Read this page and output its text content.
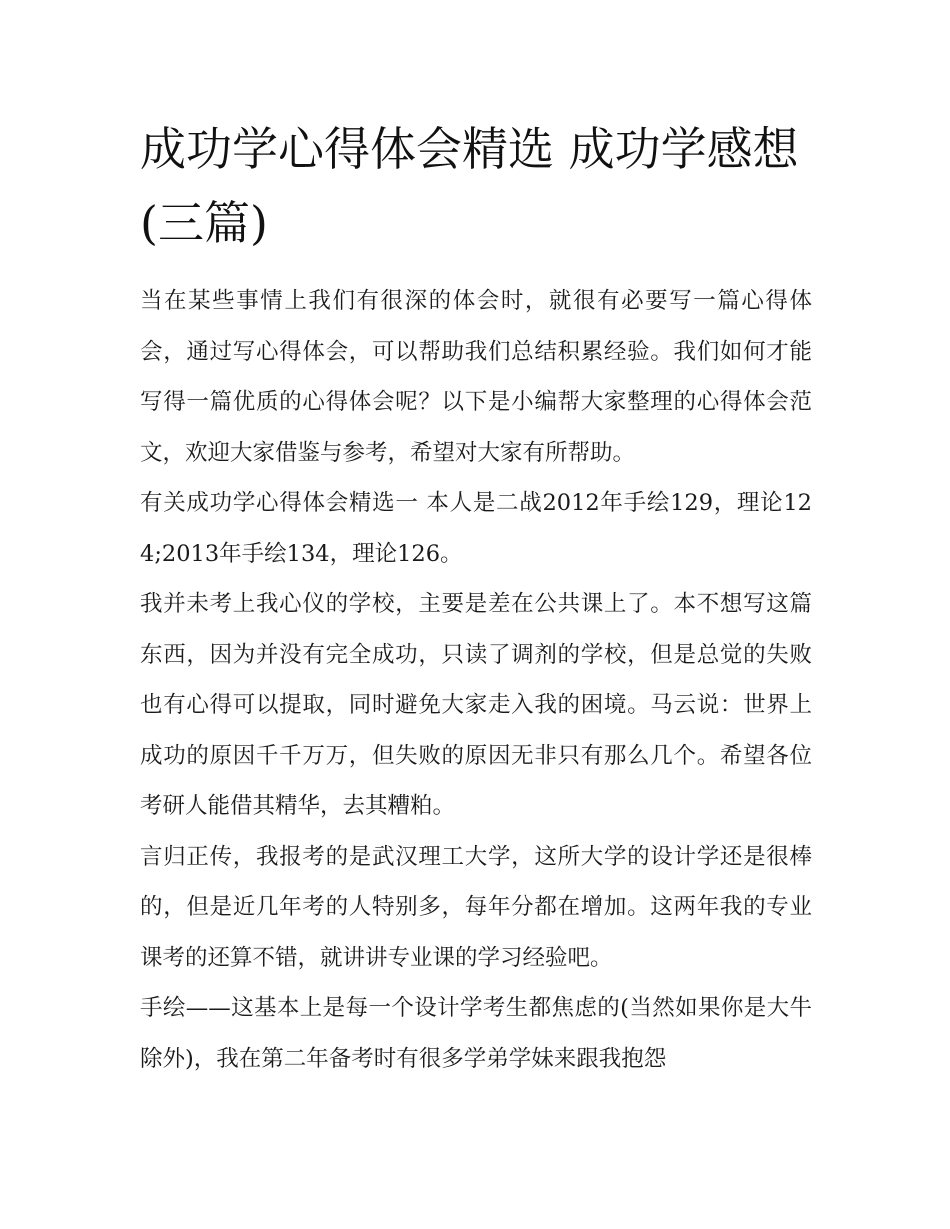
成功学心得体会精选 成功学感想(三篇)

当在某些事情上我们有很深的体会时，就很有必要写一篇心得体会，通过写心得体会，可以帮助我们总结积累经验。我们如何才能写得一篇优质的心得体会呢？以下是小编帮大家整理的心得体会范文，欢迎大家借鉴与参考，希望对大家有所帮助。

有关成功学心得体会精选一 本人是二战2012年手绘129，理论124;2013年手绘134，理论126。

我并未考上我心仪的学校，主要是差在公共课上了。本不想写这篇东西，因为并没有完全成功，只读了调剂的学校，但是总觉的失败也有心得可以提取，同时避免大家走入我的困境。马云说：世界上成功的原因千千万万，但失败的原因无非只有那么几个。希望各位考研人能借其精华，去其糟粕。

言归正传，我报考的是武汉理工大学，这所大学的设计学还是很棒的，但是近几年考的人特别多，每年分都在增加。这两年我的专业课考的还算不错，就讲讲专业课的学习经验吧。

手绘——这基本上是每一个设计学考生都焦虑的(当然如果你是大牛除外)，我在第二年备考时有很多学弟学妹来跟我抱怨
